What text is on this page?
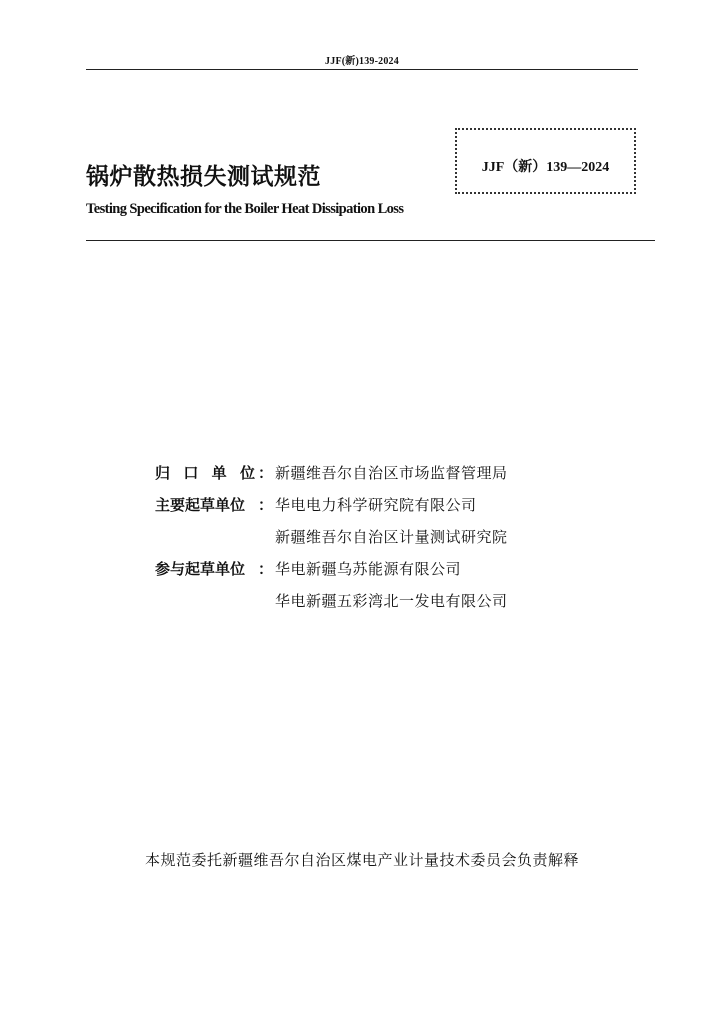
JJF(新)139-2024
JJF（新）139—2024
锅炉散热损失测试规范
Testing Specification for the Boiler Heat Dissipation Loss
归 口 单 位 ： 新疆维吾尔自治区市场监督管理局
主要起草单位 ： 华电电力科学研究院有限公司
新疆维吾尔自治区计量测试研究院
参与起草单位 ： 华电新疆乌苏能源有限公司
华电新疆五彩湾北一发电有限公司
本规范委托新疆维吾尔自治区煤电产业计量技术委员会负责解释
